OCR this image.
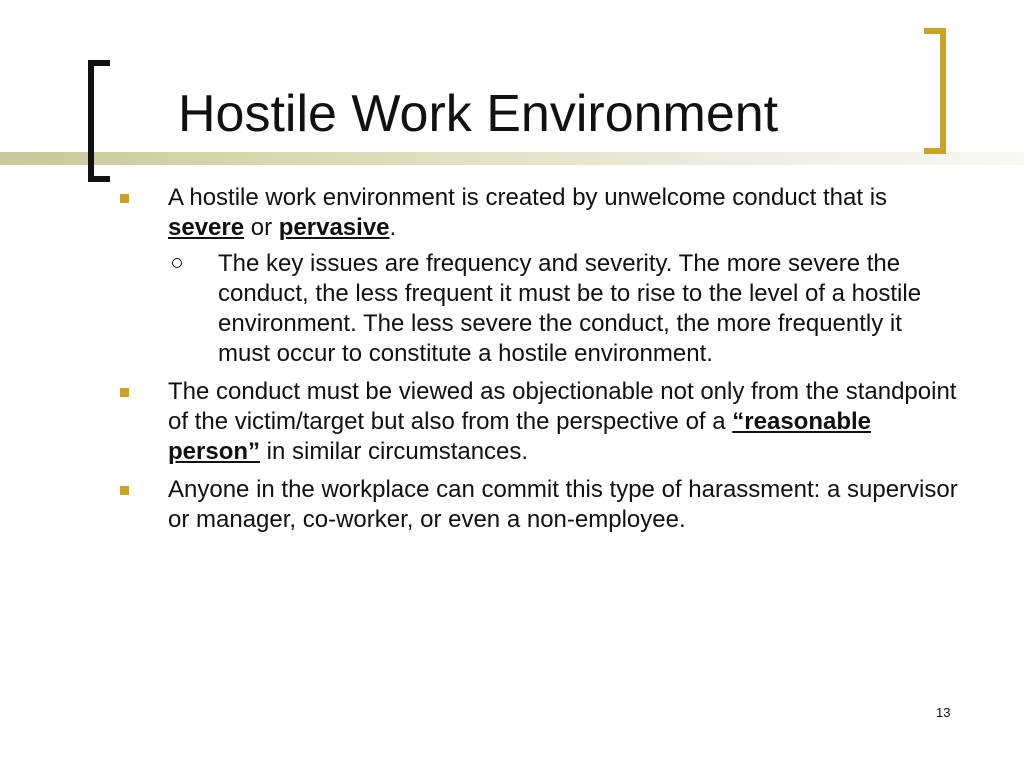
Hostile Work Environment
A hostile work environment is created by unwelcome conduct that is severe or pervasive.
The key issues are frequency and severity. The more severe the conduct, the less frequent it must be to rise to the level of a hostile environment. The less severe the conduct, the more frequently it must occur to constitute a hostile environment.
The conduct must be viewed as objectionable not only from the standpoint of the victim/target but also from the perspective of a “reasonable person” in similar circumstances.
Anyone in the workplace can commit this type of harassment: a supervisor or manager, co-worker, or even a non-employee.
13
